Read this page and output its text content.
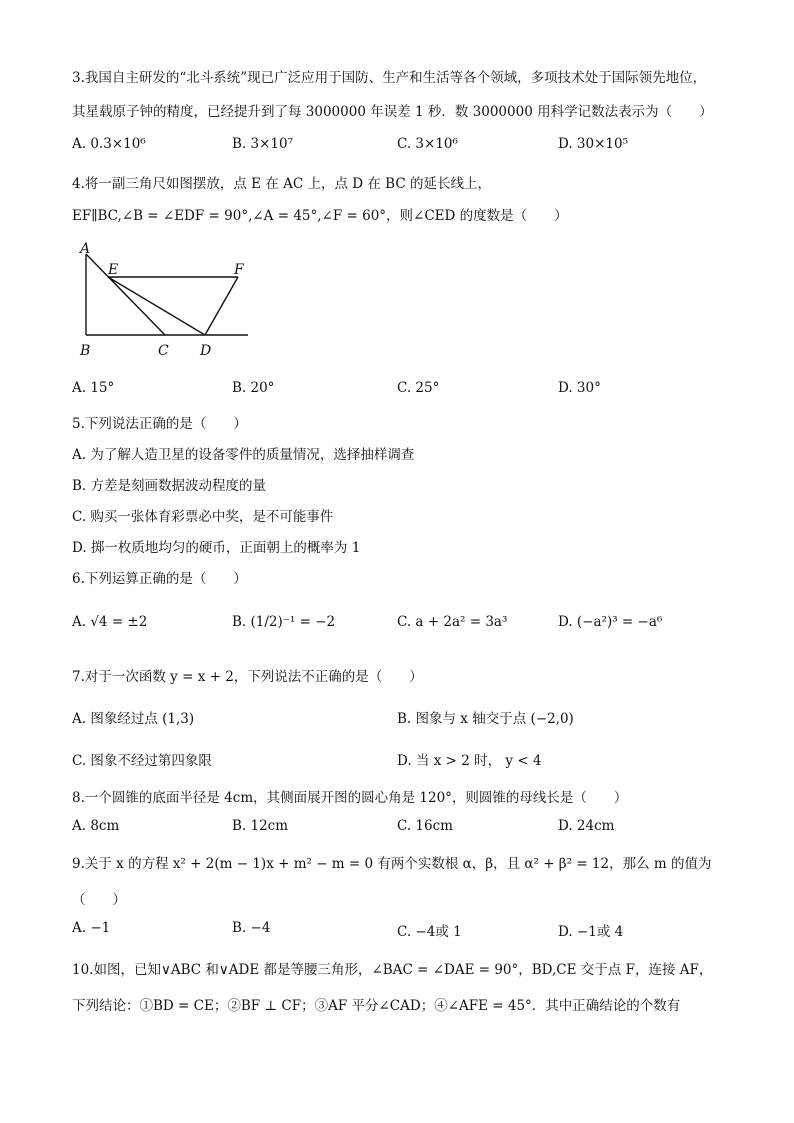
3.我国自主研发的“北斗系统”现已广泛应用于国防、生产和生活等各个领域，多项技术处于国际领先地位，
其星载原子钟的精度，已经提升到了每 3000000 年误差 1 秒．数 3000000 用科学记数法表示为（　　）
A. 0.3×10⁶	B. 3×10⁷	C. 3×10⁶	D. 30×10⁵
4.将一副三角尺如图摆放，点 E 在 AC 上，点 D 在 BC 的延长线上，
EF∥BC,∠B = ∠EDF = 90°,∠A = 45°,∠F = 60°，则∠CED 的度数是（　　）
A
E	F
B	C D
A. 15°	B. 20°	C. 25°	D. 30°
5.下列说法正确的是（　　）
A. 为了解人造卫星的设备零件的质量情况，选择抽样调查
B. 方差是刻画数据波动程度的量
C. 购买一张体育彩票必中奖，是不可能事件
D. 掷一枚质地均匀的硬币，正面朝上的概率为 1
6.下列运算正确的是（　　）
A. √4 = ±2	B. (1/2)⁻¹ = −2	C. a + 2a² = 3a³	D. (−a²)³ = −a⁶
7.对于一次函数 y = x + 2，下列说法不正确的是（　　）
A. 图象经过点 (1,3)	B. 图象与 x 轴交于点 (−2,0)
C. 图象不经过第四象限	D. 当 x > 2 时， y < 4
8.一个圆锥的底面半径是 4cm，其侧面展开图的圆心角是 120°，则圆锥的母线长是（　　）
A. 8cm	B. 12cm	C. 16cm	D. 24cm
9.关于 x 的方程 x² + 2(m − 1)x + m² − m = 0 有两个实数根 α，β，且 α² + β² = 12，那么 m 的值为
（　　）
A. −1	B. −4	C. −4或 1	D. −1或 4
10.如图，已知∨ABC 和∨ADE 都是等腰三角形，∠BAC = ∠DAE = 90°，BD,CE 交于点 F，连接 AF，
下列结论：①BD = CE；②BF ⊥ CF；③AF 平分∠CAD；④∠AFE = 45°．其中正确结论的个数有
